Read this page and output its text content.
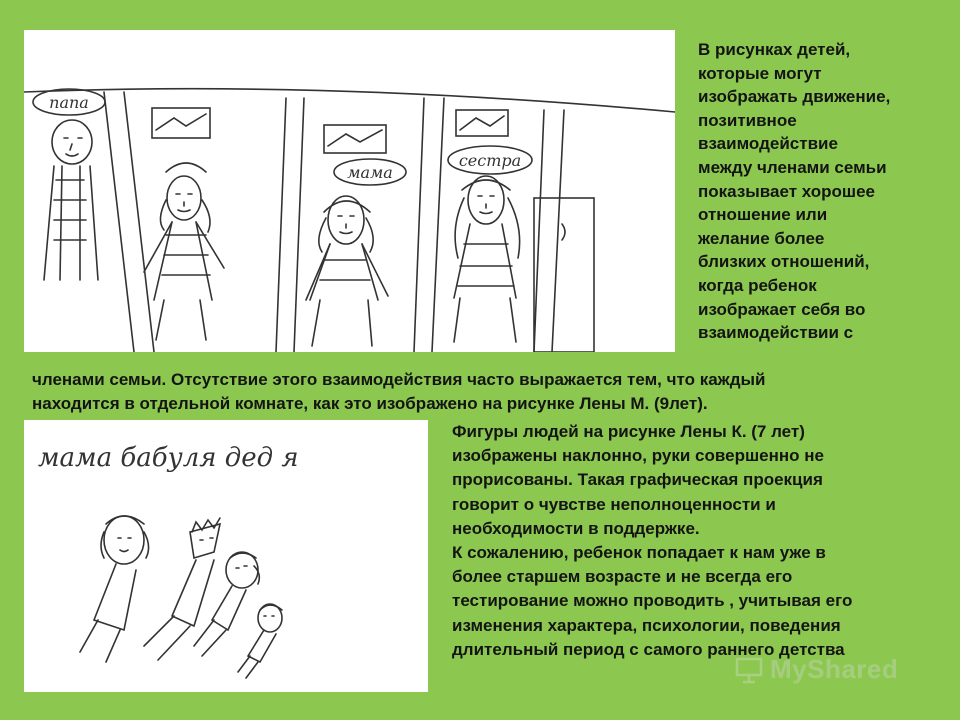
папа
мама
сестра
В рисунках детей,
которые могут
изображать движение,
позитивное
взаимодействие
между членами семьи
показывает хорошее
отношение или
желание более
близких отношений,
когда ребенок
изображает себя во
взаимодействии с
членами семьи. Отсутствие этого взаимодействия часто выражается тем, что каждый
находится в отдельной комнате, как это изображено на рисунке Лены М. (9лет).
мама бабуля дед я
Фигуры людей на рисунке Лены К. (7 лет)
изображены наклонно, руки совершенно не
прорисованы. Такая графическая проекция
говорит о чувстве неполноценности и
необходимости в поддержке.
К сожалению, ребенок попадает к нам уже в
более старшем возрасте и не всегда его
тестирование можно проводить , учитывая его
изменения характера, психологии, поведения
длительный период с самого раннего детства
MyShared
